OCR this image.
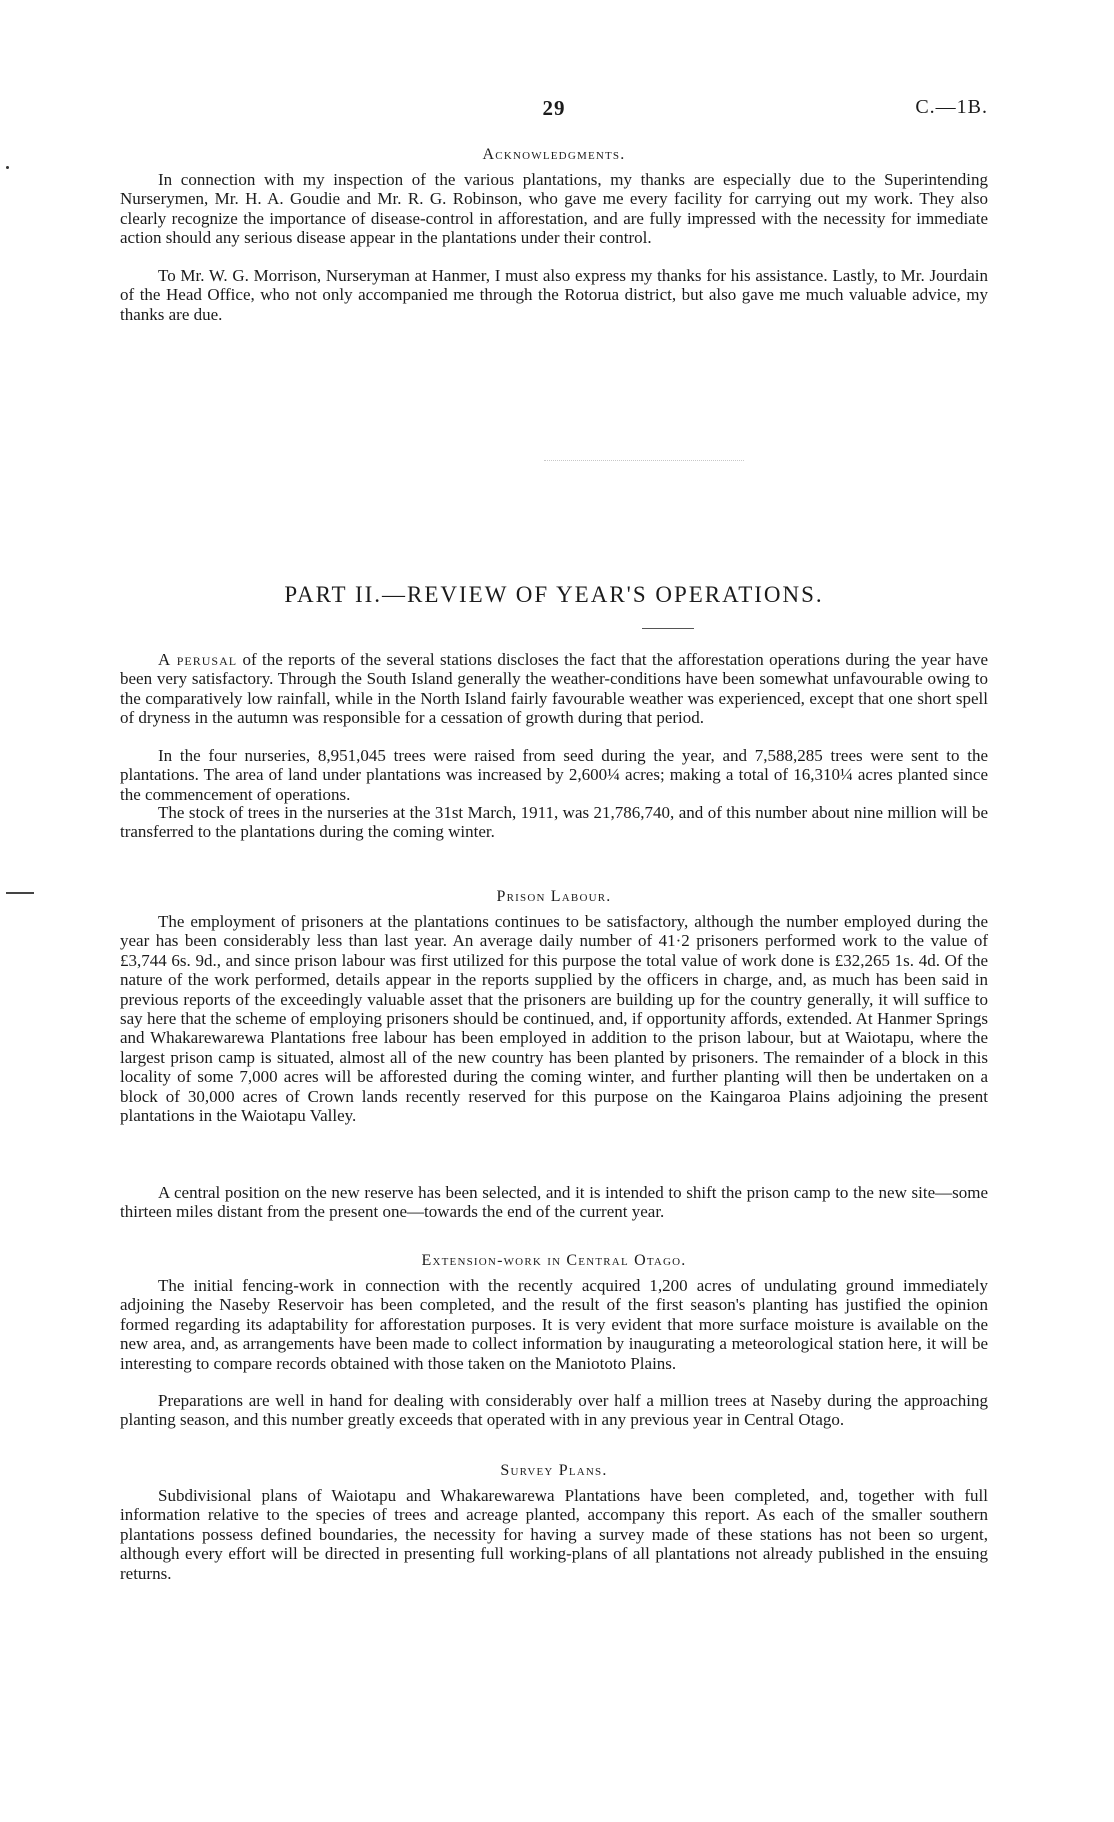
29	C.—1B.
Acknowledgments.

In connection with my inspection of the various plantations, my thanks are especially due to the Superintending Nurserymen, Mr. H. A. Goudie and Mr. R. G. Robinson, who gave me every facility for carrying out my work. They also clearly recognize the importance of disease-control in afforestation, and are fully impressed with the necessity for immediate action should any serious disease appear in the plantations under their control.

To Mr. W. G. Morrison, Nurseryman at Hanmer, I must also express my thanks for his assistance. Lastly, to Mr. Jourdain of the Head Office, who not only accompanied me through the Rotorua district, but also gave me much valuable advice, my thanks are due.

PART II.—REVIEW OF YEAR'S OPERATIONS.

A perusal of the reports of the several stations discloses the fact that the afforestation operations during the year have been very satisfactory. Through the South Island generally the weather-conditions have been somewhat unfavourable owing to the comparatively low rainfall, while in the North Island fairly favourable weather was experienced, except that one short spell of dryness in the autumn was responsible for a cessation of growth during that period.

In the four nurseries, 8,951,045 trees were raised from seed during the year, and 7,588,285 trees were sent to the plantations. The area of land under plantations was increased by 2,600¼ acres; making a total of 16,310¼ acres planted since the commencement of operations.

The stock of trees in the nurseries at the 31st March, 1911, was 21,786,740, and of this number about nine million will be transferred to the plantations during the coming winter.

Prison Labour.

The employment of prisoners at the plantations continues to be satisfactory, although the number employed during the year has been considerably less than last year. An average daily number of 41·2 prisoners performed work to the value of £3,744 6s. 9d., and since prison labour was first utilized for this purpose the total value of work done is £32,265 1s. 4d. Of the nature of the work performed, details appear in the reports supplied by the officers in charge, and, as much has been said in previous reports of the exceedingly valuable asset that the prisoners are building up for the country generally, it will suffice to say here that the scheme of employing prisoners should be continued, and, if opportunity affords, extended. At Hanmer Springs and Whakarewarewa Plantations free labour has been employed in addition to the prison labour, but at Waiotapu, where the largest prison camp is situated, almost all of the new country has been planted by prisoners. The remainder of a block in this locality of some 7,000 acres will be afforested during the coming winter, and further planting will then be undertaken on a block of 30,000 acres of Crown lands recently reserved for this purpose on the Kaingaroa Plains adjoining the present plantations in the Waiotapu Valley.

A central position on the new reserve has been selected, and it is intended to shift the prison camp to the new site—some thirteen miles distant from the present one—towards the end of the current year.

Extension-work in Central Otago.

The initial fencing-work in connection with the recently acquired 1,200 acres of undulating ground immediately adjoining the Naseby Reservoir has been completed, and the result of the first season's planting has justified the opinion formed regarding its adaptability for afforestation purposes. It is very evident that more surface moisture is available on the new area, and, as arrangements have been made to collect information by inaugurating a meteorological station here, it will be interesting to compare records obtained with those taken on the Maniototo Plains.

Preparations are well in hand for dealing with considerably over half a million trees at Naseby during the approaching planting season, and this number greatly exceeds that operated with in any previous year in Central Otago.

Survey Plans.

Subdivisional plans of Waiotapu and Whakarewarewa Plantations have been completed, and, together with full information relative to the species of trees and acreage planted, accompany this report. As each of the smaller southern plantations possess defined boundaries, the necessity for having a survey made of these stations has not been so urgent, although every effort will be directed in presenting full working-plans of all plantations not already published in the ensuing returns.
